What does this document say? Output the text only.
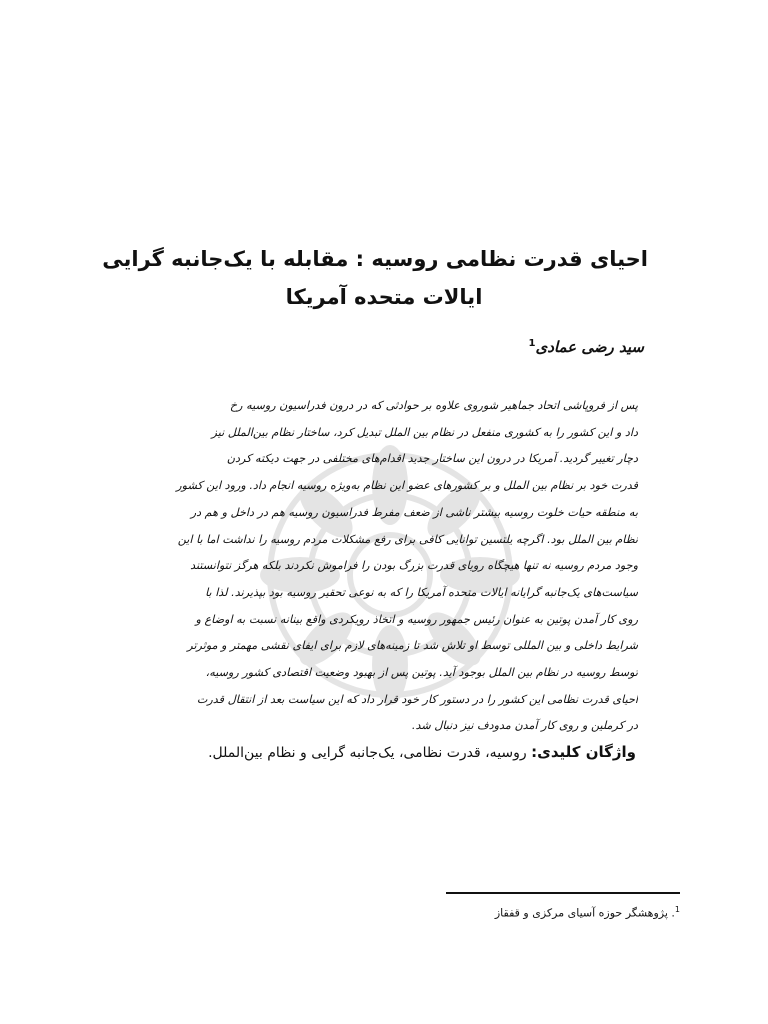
احیای قدرت نظامی روسیه : مقابله با یک‌جانبه گرایی
ایالات متحده آمریکا
سید رضی عمادی$^1$
پس از فروپاشی اتحاد جماهیر شوروی علاوه بر حوادثی که در درون فدراسیون روسیه رخ
داد و این کشور را به کشوری منفعل در نظام بین الملل تبدیل کرد، ساختار نظام بین‌الملل نیز
دچار تغییر گردید. آمریکا در درون این ساختار جدید اقدام‌های مختلفی در جهت دیکته کردن
قدرت خود بر نظام بین الملل و بر کشورهای عضو این نظام به‌ویژه روسیه انجام داد. ورود این کشور
به منطقه حیات خلوت روسیه بیشتر ناشی از ضعف مفرط فدراسیون روسیه هم در داخل و هم در
نظام بین الملل بود. اگرچه یلتسین توانایی کافی برای رفع مشکلات مردم روسیه را نداشت اما با این
وجود مردم روسیه نه تنها هیچگاه رویای قدرت بزرگ بودن را فراموش نکردند بلکه هرگز نتوانستند
سیاست‌های یک‌جانبه گرایانه ایالات متحده آمریکا را که به نوعی تحقیر روسیه بود بپذیرند. لذا با
روی کار آمدن پوتین به عنوان رئیس جمهور روسیه و اتخاذ رویکردی واقع بینانه نسبت به اوضاع و
شرایط داخلی و بین المللی توسط او تلاش شد تا زمینه‌های لازم برای ایفای نقشی مهمتر و موثرتر
توسط روسیه در نظام بین الملل بوجود آید. پوتین پس از بهبود وضعیت اقتصادی کشور روسیه،
احیای قدرت نظامی این کشور را در دستور کار خود قرار داد که این سیاست بعد از انتقال قدرت
در کرملین و روی کار آمدن مدودف نیز دنبال شد.
واژگان کلیدی: روسیه، قدرت نظامی، یک‌جانبه گرایی و نظام بین‌الملل.
$^1$. پژوهشگر حوزه آسیای مرکزی و قفقاز
